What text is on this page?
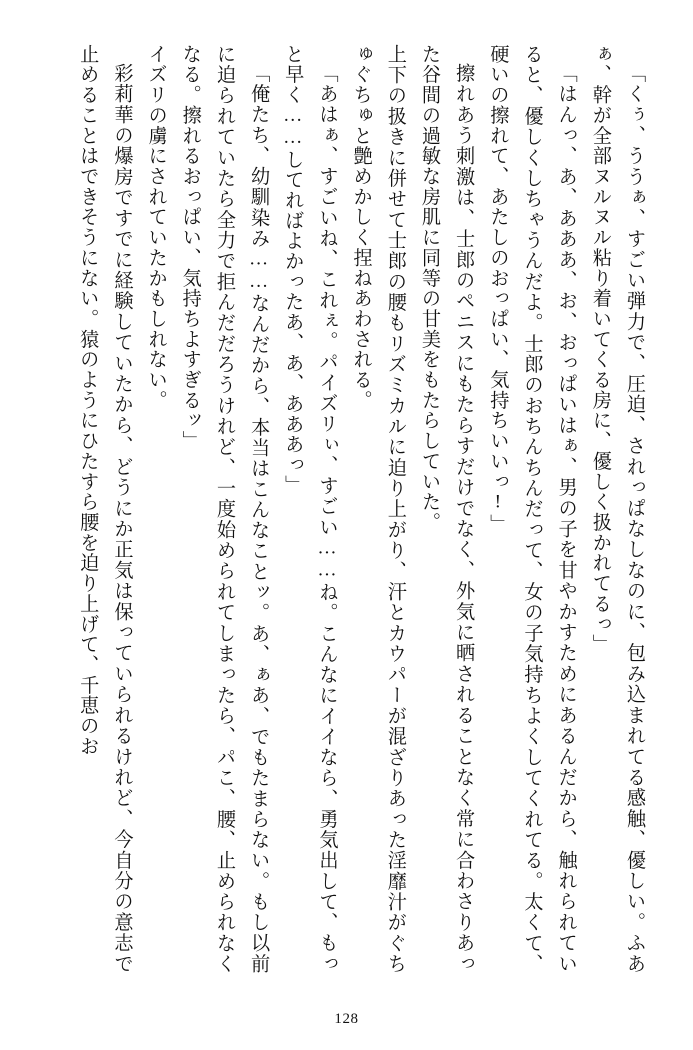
「くぅ、ううぁ、すごい弾力で、圧迫、されっぱなしなのに、包み込まれてる感触、優しい。ふあぁ、幹が全部ヌルヌル粘り着いてくる房に、優しく扱かれてるっ」

「はんっ、あ、あああ、お、おっぱいはぁ、男の子を甘やかすためにあるんだから、触れられていると、優しくしちゃうんだよ。士郎のおちんちんだって、女の子気持ちよくしてくれてる。太くて、硬いの擦れて、あたしのおっぱい、気持ちいいっ!」

擦れあう刺激は、士郎のペニスにもたらすだけでなく、外気に晒されることなく常に合わさりあった谷間の過敏な房肌に同等の甘美をもたらしていた。

上下の扱きに併せて士郎の腰もリズミカルに迫り上がり、汗とカウパーが混ざりあった淫靡汁がぐちゅぐちゅと艶めかしく捏ねあわされる。

「あはぁ、すごいね、これぇ。パイズリぃ、すごい……ね。こんなにイイなら、勇気出して、もっと早く……してればよかったあ、あ、あああっ」

「俺たち、幼馴染み……なんだから、本当はこんなことッ。あ、ぁあ、でもたまらない。もし以前に迫られていたら全力で拒んだだろうけれど、一度始められてしまったら、パこ、腰、止められなくなる。擦れるおっぱい、気持ちよすぎるッ」

イズリの虜にされていたかもしれない。

彩莉華の爆房ですでに経験していたから、どうにか正気は保っていられるけれど、今自分の意志で止めることはできそうにない。猿のようにひたすら腰を迫り上げて、千恵のお

128
